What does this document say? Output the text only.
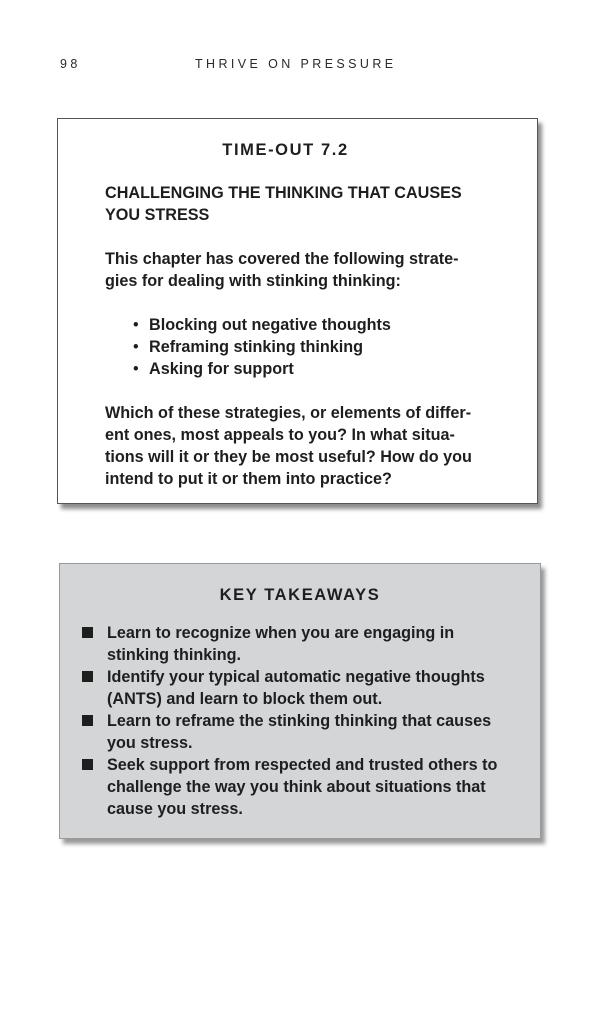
98	THRIVE ON PRESSURE
TIME-OUT 7.2
CHALLENGING THE THINKING THAT CAUSES
YOU STRESS
This chapter has covered the following strate-
gies for dealing with stinking thinking:
• Blocking out negative thoughts
• Reframing stinking thinking
• Asking for support
Which of these strategies, or elements of differ-
ent ones, most appeals to you? In what situa-
tions will it or they be most useful? How do you
intend to put it or them into practice?
KEY TAKEAWAYS
Learn to recognize when you are engaging in
stinking thinking.
Identify your typical automatic negative thoughts
(ANTS) and learn to block them out.
Learn to reframe the stinking thinking that causes
you stress.
Seek support from respected and trusted others to
challenge the way you think about situations that
cause you stress.
